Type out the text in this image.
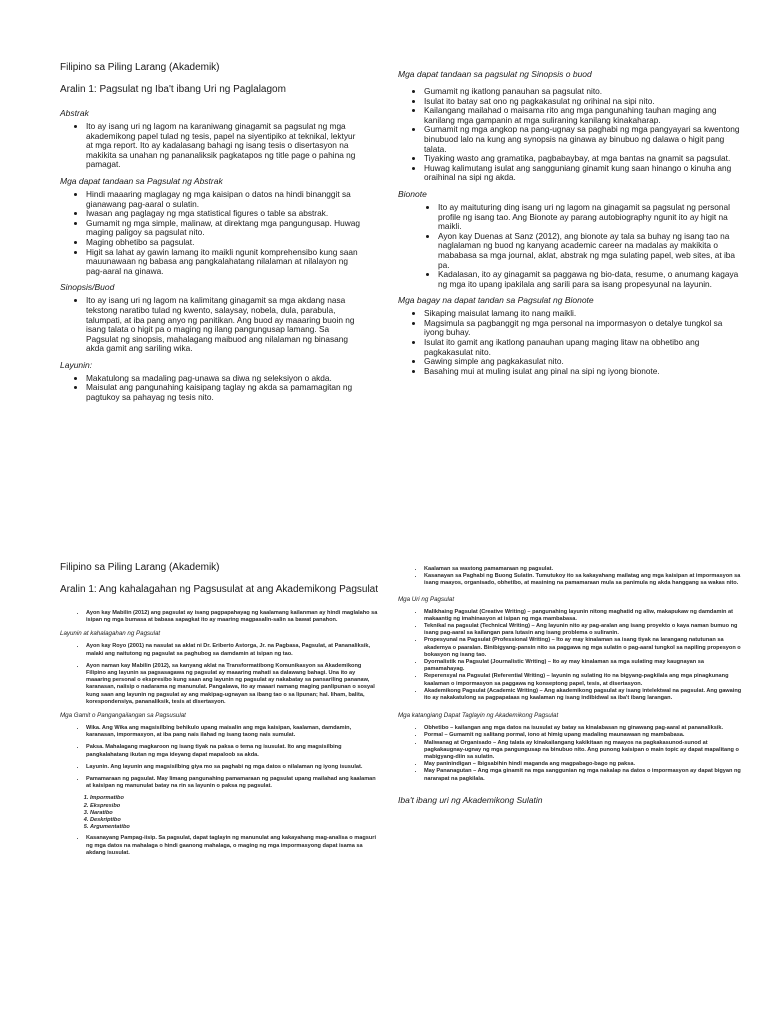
Filipino sa Piling Larang (Akademik)
Aralin 1: Pagsulat ng Iba't ibang Uri ng Paglalagom
Abstrak
• Ito ay isang uri ng lagom na karaniwang ginagamit sa pagsulat ng mga akademikong papel tulad ng tesis, papel na siyentipiko at teknikal, lektyur at mga report. Ito ay kadalasang bahagi ng isang tesis o disertasyon na makikita sa unahan ng pananaliksik pagkatapos ng title page o pahina ng pamagat.
Mga dapat tandaan sa Pagsulat ng Abstrak
• Hindi maaaring maglagay ng mga kaisipan o datos na hindi binanggit sa gianawang pag-aaral o sulatin.
• Iwasan ang paglagay ng mga statistical figures o table sa abstrak.
• Gumamit ng mga simple, malinaw, at direktang mga pangungusap. Huwag maging paligoy sa pagsulat nito.
• Maging obhetibo sa pagsulat.
• Higit sa lahat ay gawin lamang ito maikli ngunit komprehensibo kung saan mauunawaan ng babasa ang pangkalahatang nilalaman at nilalayon ng pag-aaral na ginawa.
Sinopsis/Buod
• Ito ay isang uri ng lagom na kalimitang ginagamit sa mga akdang nasa tekstong naratibo tulad ng kwento, salaysay, nobela, dula, parabula, talumpati, at iba pang anyo ng panitikan. Ang buod ay maaaring buoin ng isang talata o higit pa o maging ng ilang pangungusap lamang. Sa Pagsulat ng sinopsis, mahalagang maibuod ang nilalaman ng binasang akda gamit ang sariling wika.
Layunin:
• Makatulong sa madaling pag-unawa sa diwa ng seleksiyon o akda.
• Maisulat ang pangunahing kaisipang taglay ng akda sa pamamagitan ng pagtukoy sa pahayag ng tesis nito.
Mga dapat tandaan sa pagsulat ng Sinopsis o buod
• Gumamit ng ikatlong panauhan sa pagsulat nito.
• Isulat ito batay sat ono ng pagkakasulat ng orihinal na sipi nito.
• Kailangang mailahad o maisama rito ang mga pangunahing tauhan maging ang kanilang mga gampanin at mga suliraning kanilang kinakaharap.
• Gumamit ng mga angkop na pang-ugnay sa paghabi ng mga pangyayari sa kwentong binubuod lalo na kung ang synopsis na ginawa ay binubuo ng dalawa o higit pang talata.
• Tiyaking wasto ang gramatika, pagbabaybay, at mga bantas na gnamit sa pagsulat.
• Huwag kalimutang isulat ang sangguniang ginamit kung saan hinango o kinuha ang oraihinal na sipi ng akda.
Bionote
• Ito ay maituturing ding isang uri ng lagom na ginagamit sa pagsulat ng personal profile ng isang tao. Ang Bionote ay parang autobiography ngunit ito ay higit na maikli.
• Ayon kay Duenas at Sanz (2012), ang bionote ay tala sa buhay ng isang tao na naglalaman ng buod ng kanyang academic career na madalas ay makikita o mababasa sa mga journal, aklat, abstrak ng mga sulating papel, web sites, at iba pa.
• Kadalasan, ito ay ginagamit sa paggawa ng bio-data, resume, o anumang kagaya ng mga ito upang ipakilala ang sarili para sa isang propesyunal na layunin.
Mga bagay na dapat tandan sa Pagsulat ng Bionote
• Sikaping maisulat lamang ito nang maikli.
• Magsimula sa pagbanggit ng mga personal na impormasyon o detalye tungkol sa iyong buhay.
• Isulat ito gamit ang ikatlong panauhan upang maging litaw na obhetibo ang pagkakasulat nito.
• Gawing simple ang pagkakasulat nito.
• Basahing mui at muling isulat ang pinal na sipi ng iyong bionote.
Filipino sa Piling Larang (Akademik)
Aralin 1: Ang kahalagahan ng Pagsusulat at ang Akademikong Pagsulat
• Ayon kay Mabilin (2012) ang pagsulat ay isang pagpapahayag ng kaalamang kailanman ay hindi maglalaho sa isipan ng mga bumasa at babasa sapagkat ito ay maaring magpasalin-salin sa bawat panahon.
Layunin at kahalagahan ng Pagsulat
• Ayon kay Royo (2001) na nasulat sa aklat ni Dr. Eriberto Astorga, Jr. na Pagbasa, Pagsulat, at Pananaliksik, malaki ang naitutong ng pagsulat sa paghubog sa damdamin at isipan ng tao.
• Ayon naman kay Mabilin (2012), sa kanyang aklat na Transformatibong Komunikasyon sa Akademikong Filipino ang layunin sa pagsasagawa ng pagsulat ay maaaring mahati sa dalawang bahagi. Una ito ay maaaring personal o ekspresibo kung saan ang layunin ng pagsulat ay nakabatay sa pansariling pananaw, karanasan, naiisip o nadarama ng manunulat. Pangalawa, ito ay maaari namang maging panlipunan o sosyal kung saan ang layunin ng pagsulat ay ang makipag-ugnayan sa ibang tao o sa lipunan; hal. liham, balita, korespondensiya, pananaliksik, tesis at disertasyon.
Mga Gamit o Pangangailangan sa Pagsusulat
• Wika. Ang Wika ang magsisilbing behikulo upang maisalin ang mga kaisipan, kaalaman, damdamin, karanasan, impormasyon, at iba pang nais ilahad ng isang taong nais sumulat.
• Paksa. Mahalagang magkaroon ng isang tiyak na paksa o tema ng isusulat. Ito ang magsisilbing pangkalahatang ikutan ng mga ideyang dapat mapaloob sa akda.
• Layunin. Ang layunin ang magsisilbing giya mo sa paghabi ng mga datos o nilalaman ng iyong isusulat.
• Pamamaraan ng pagsulat. May limang pangunahing pamamaraan ng pagsulat upang mailahad ang kaalaman at kaisipan ng manunulat batay na rin sa layunin o paksa ng pagsulat.
1. Impormatibo
2. Ekspresibo
3. Naratibo
4. Deskriptibo
5. Argumentatibo
• Kasanayang Pampag-iisip. Sa pagsulat, dapat taglayin ng manunulat ang kakayahang mag-analisa o magsuri ng mga datos na mahalaga o hindi gaanong mahalaga, o maging ng mga impormasyong dapat isama sa akdang isusulat.
• Kaalaman sa wastong pamamaraan ng pagsulat.
• Kasanayan sa Paghabi ng Buong Sulatin. Tumutukoy ito sa kakayahang mailatag ang mga kaisipan at impormasyon sa isang maayos, organisado, obhetibo, at masining na pamamaraan mula sa panimula ng akda hanggang sa wakas nito.
Mga Uri ng Pagsulat
• Malikhaing Pagsulat (Creative Writing) – pangunahing layunin nitong maghatid ng aliw, makapukaw ng damdamin at makaantig ng imahinasyon at isipan ng mga mambabasa.
• Teknikal na pagsulat (Technical Writing) – Ang layunin nito ay pag-aralan ang isang proyekto o kaya naman bumuo ng isang pag-aaral sa kailangan para lutasin ang isang problema o suliranin.
• Propesyunal na Pagsulat (Professional Writing) – Ito ay may kinalaman sa isang tiyak na larangang natutunan sa akademya o paaralan. Binibigyang-pansin nito sa paggawa ng mga sulatin o pag-aaral tungkol sa napiling propesyon o bokasyon ng isang tao.
• Dyornalistik na Pagsulat (Journalistic Writing) – Ito ay may kinalaman sa mga sulating may kaugnayan sa pamamahayag.
• Reperensyal na Pagsulat (Referential Writing) – layunin ng sulating ito na bigyang-pagkilala ang mga pinagkunang kaalaman o impormasyon sa paggawa ng konseptong papel, tesis, at disertasyon.
• Akademikong Pagsulat (Academic Writing) – Ang akademikong pagsulat ay isang intelektwal na pagsulat. Ang gawaing ito ay nakakatulong sa pagpapataas ng kaalaman ng isang indibidwal sa iba't ibang larangan.
Mga katangiang Dapat Taglayin ng Akademikong Pagsulat
• Obhetibo – kailangan ang mga datos na isusulat ay batay sa kinalabasan ng ginawang pag-aaral at pananaliksik.
• Pormal – Gumamit ng salitang pormal, iono at himig upang madaling maunawaan ng mambabasa.
• Maliwanag at Organisado – Ang talata ay kinakailangang kakikitaan ng maayos na pagkakasunod-sunod at pagkakaugnay-ugnay ng mga pangungusap na binubuo nito. Ang punong kaisipan o main topic ay dapat mapalitang o mabigyang-diin sa sulatin.
• May paninindigan – Ibigsabihin hindi maganda ang magpabago-bago ng paksa.
• May Pananagutan – Ang mga ginamit na mga sanggunian ng mga nakalap na datos o impormasyon ay dapat bigyan ng nararapat na pagkilala.
Iba't ibang uri ng Akademikong Sulatin
